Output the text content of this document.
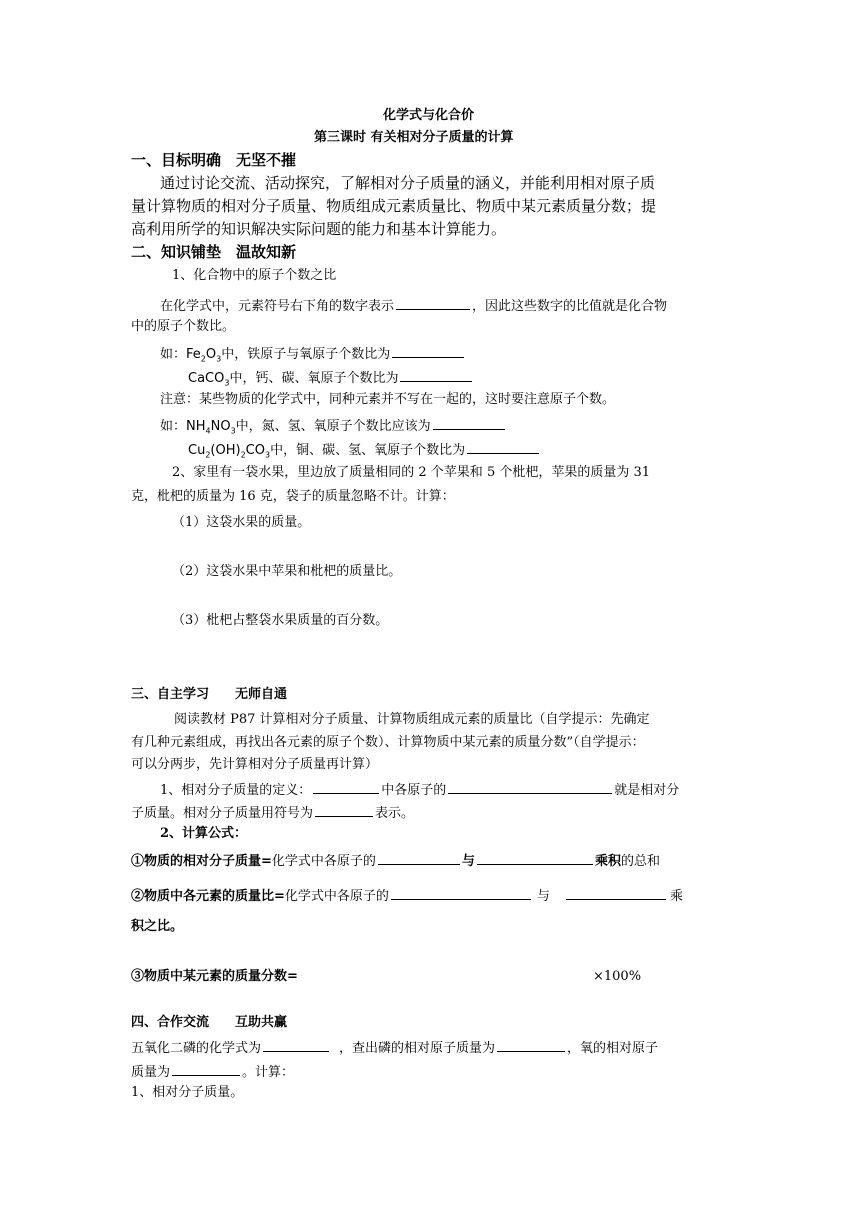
化学式与化合价
第三课时 有关相对分子质量的计算
一、目标明确　无坚不摧
通过讨论交流、活动探究，了解相对分子质量的涵义，并能利用相对原子质
量计算物质的相对分子质量、物质组成元素质量比、物质中某元素质量分数；提
高利用所学的知识解决实际问题的能力和基本计算能力。
二、知识铺垫　温故知新
1、化合物中的原子个数之比
在化学式中，元素符号右下角的数字表示	，因此这些数字的比值就是化合物
中的原子个数比。
如：$Fe_2O_3$中，铁原子与氧原子个数比为
CaCO$_3$中，钙、碳、氧原子个数比为
注意：某些物质的化学式中，同种元素并不写在一起的，这时要注意原子个数。
如：$NH_4NO_3$中，氮、氢、氧原子个数比应该为
$Cu_2(OH)_2CO_3$中，铜、碳、氢、氧原子个数比为
2、家里有一袋水果，里边放了质量相同的 2 个苹果和 5 个枇杷，苹果的质量为 31
克，枇杷的质量为 16 克，袋子的质量忽略不计。计算：
（1）这袋水果的质量。
（2）这袋水果中苹果和枇杷的质量比。
（3）枇杷占整袋水果质量的百分数。
三、自主学习　　无师自通
阅读教材 P87 计算相对分子质量、计算物质组成元素的质量比（自学提示：先确定
有几种元素组成，再找出各元素的原子个数）、计算物质中某元素的质量分数”（自学提示：
可以分两步，先计算相对分子质量再计算）
1、相对分子质量的定义：	中各原子的	就是相对分
子质量。相对分子质量用符号为	表示。
2、计算公式：
①物质的相对分子质量=化学式中各原子的	与	乘积的总和
②物质中各元素的质量比=化学式中各原子的	与	乘
积之比。
③物质中某元素的质量分数=	×100%
四、合作交流　　互助共赢
五氧化二磷的化学式为	，查出磷的相对原子质量为	，氧的相对原子
质量为	。计算：
1、相对分子质量。
